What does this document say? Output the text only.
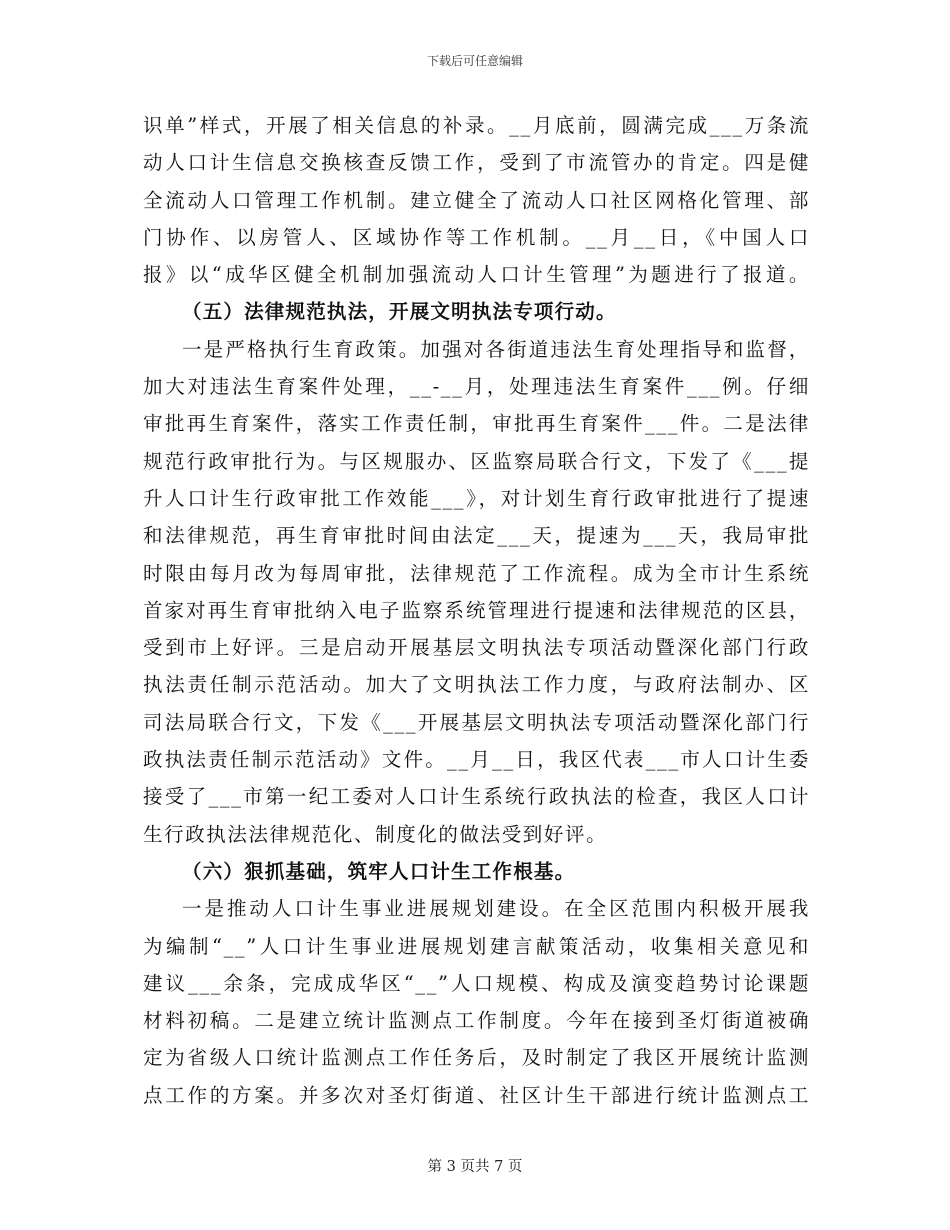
下载后可任意编辑
识单”样式，开展了相关信息的补录。__月底前，圆满完成___万条流
动人口计生信息交换核查反馈工作，受到了市流管办的肯定。四是健
全流动人口管理工作机制。建立健全了流动人口社区网格化管理、部
门协作、以房管人、区域协作等工作机制。__月__日，《中国人口
报》以“成华区健全机制加强流动人口计生管理”为题进行了报道。
（五）法律规范执法，开展文明执法专项行动。
一是严格执行生育政策。加强对各街道违法生育处理指导和监督，
加大对违法生育案件处理，__-__月，处理违法生育案件___例。仔细
审批再生育案件，落实工作责任制，审批再生育案件___件。二是法律
规范行政审批行为。与区规服办、区监察局联合行文，下发了《___提
升人口计生行政审批工作效能___》，对计划生育行政审批进行了提速
和法律规范，再生育审批时间由法定___天，提速为___天，我局审批
时限由每月改为每周审批，法律规范了工作流程。成为全市计生系统
首家对再生育审批纳入电子监察系统管理进行提速和法律规范的区县，
受到市上好评。三是启动开展基层文明执法专项活动暨深化部门行政
执法责任制示范活动。加大了文明执法工作力度，与政府法制办、区
司法局联合行文，下发《___开展基层文明执法专项活动暨深化部门行
政执法责任制示范活动》文件。__月__日，我区代表___市人口计生委
接受了___市第一纪工委对人口计生系统行政执法的检查，我区人口计
生行政执法法律规范化、制度化的做法受到好评。
（六）狠抓基础，筑牢人口计生工作根基。
一是推动人口计生事业进展规划建设。在全区范围内积极开展我
为编制“__”人口计生事业进展规划建言献策活动，收集相关意见和
建议___余条，完成成华区“__”人口规模、构成及演变趋势讨论课题
材料初稿。二是建立统计监测点工作制度。今年在接到圣灯街道被确
定为省级人口统计监测点工作任务后，及时制定了我区开展统计监测
点工作的方案。并多次对圣灯街道、社区计生干部进行统计监测点工
第 3 页共 7 页
